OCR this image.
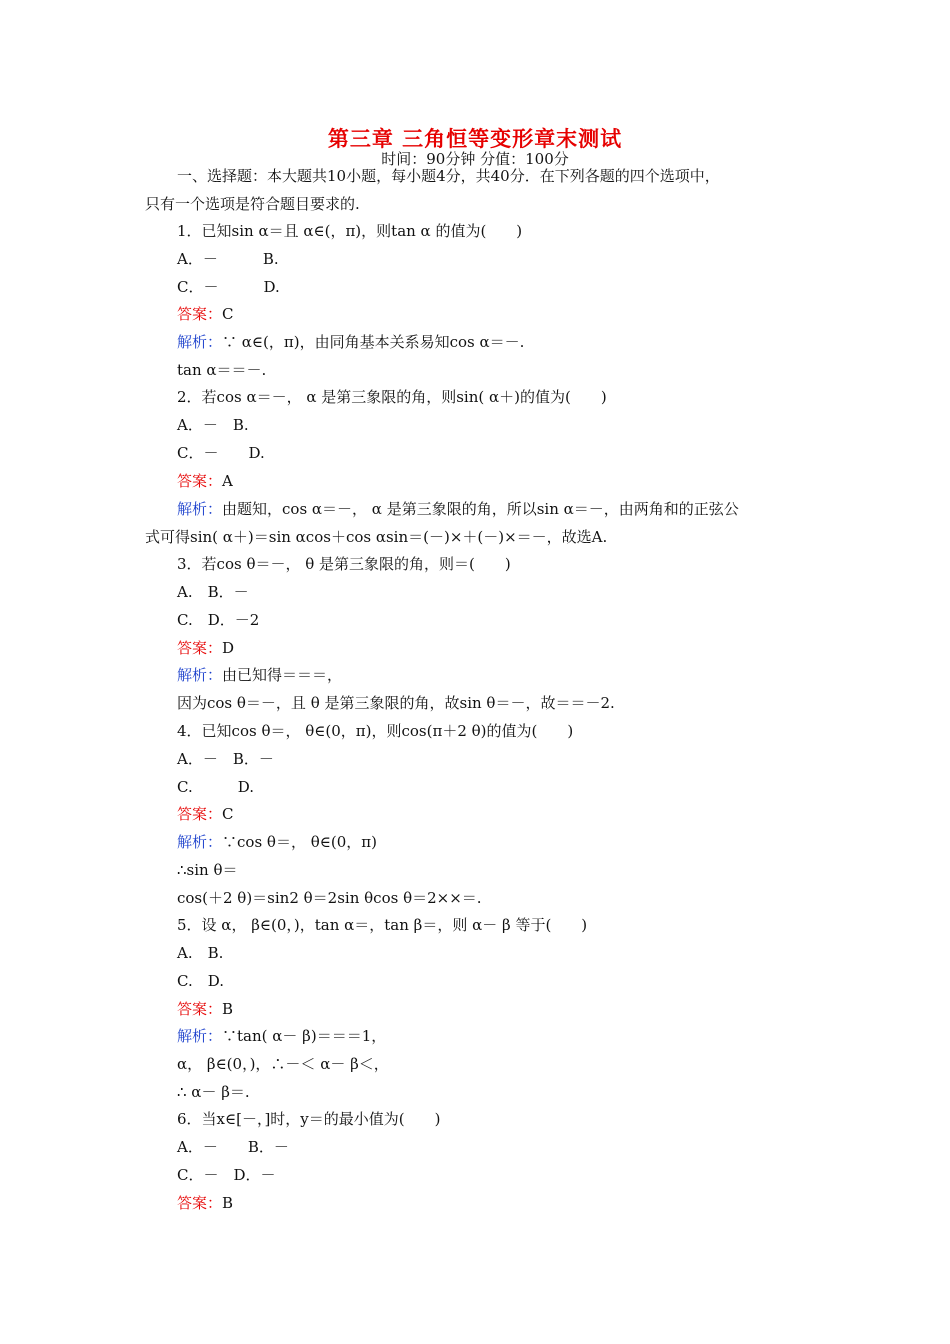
第三章 三角恒等变形章末测试
时间：90分钟 分值：100分
一、选择题：本大题共10小题，每小题4分，共40分．在下列各题的四个选项中，
只有一个选项是符合题目要求的.
1．已知sin α＝且 α∈(，π)，则tan α 的值为(　　)
A．－　　　B.
C．－　　　D.
答案：C
解析：∵ α∈(，π)，由同角基本关系易知cos α＝－.
tan α＝＝－.
2．若cos α＝－， α 是第三象限的角，则sin( α＋)的值为(　　)
A．－　B.
C．－　　D.
答案：A
解析：由题知，cos α＝－， α 是第三象限的角，所以sin α＝－，由两角和的正弦公
式可得sin( α＋)＝sin αcos＋cos αsin＝(－)×＋(－)×＝－，故选A.
3．若cos θ＝－， θ 是第三象限的角，则＝(　　)
A.　B．－
C.　D．－2
答案：D
解析：由已知得＝＝＝，
因为cos θ＝－，且 θ 是第三象限的角，故sin θ＝－，故＝＝－2.
4．已知cos θ＝， θ∈(0，π)，则cos(π＋2 θ)的值为(　　)
A．－　B．－
C.　　　D.
答案：C
解析：∵cos θ＝， θ∈(0，π)
∴sin θ＝
cos(＋2 θ)＝sin2 θ＝2sin θcos θ＝2××＝.
5．设 α， β∈(0，)，tan α＝，tan β＝，则 α－ β 等于(　　)
A.　B.
C.　D.
答案：B
解析：∵tan( α－ β)＝＝＝1，
α， β∈(0，)，∴－＜ α－ β＜，
∴ α－ β＝.
6．当x∈[－，]时，y＝的最小值为(　　)
A．－　　B．－
C．－　D．－
答案：B
